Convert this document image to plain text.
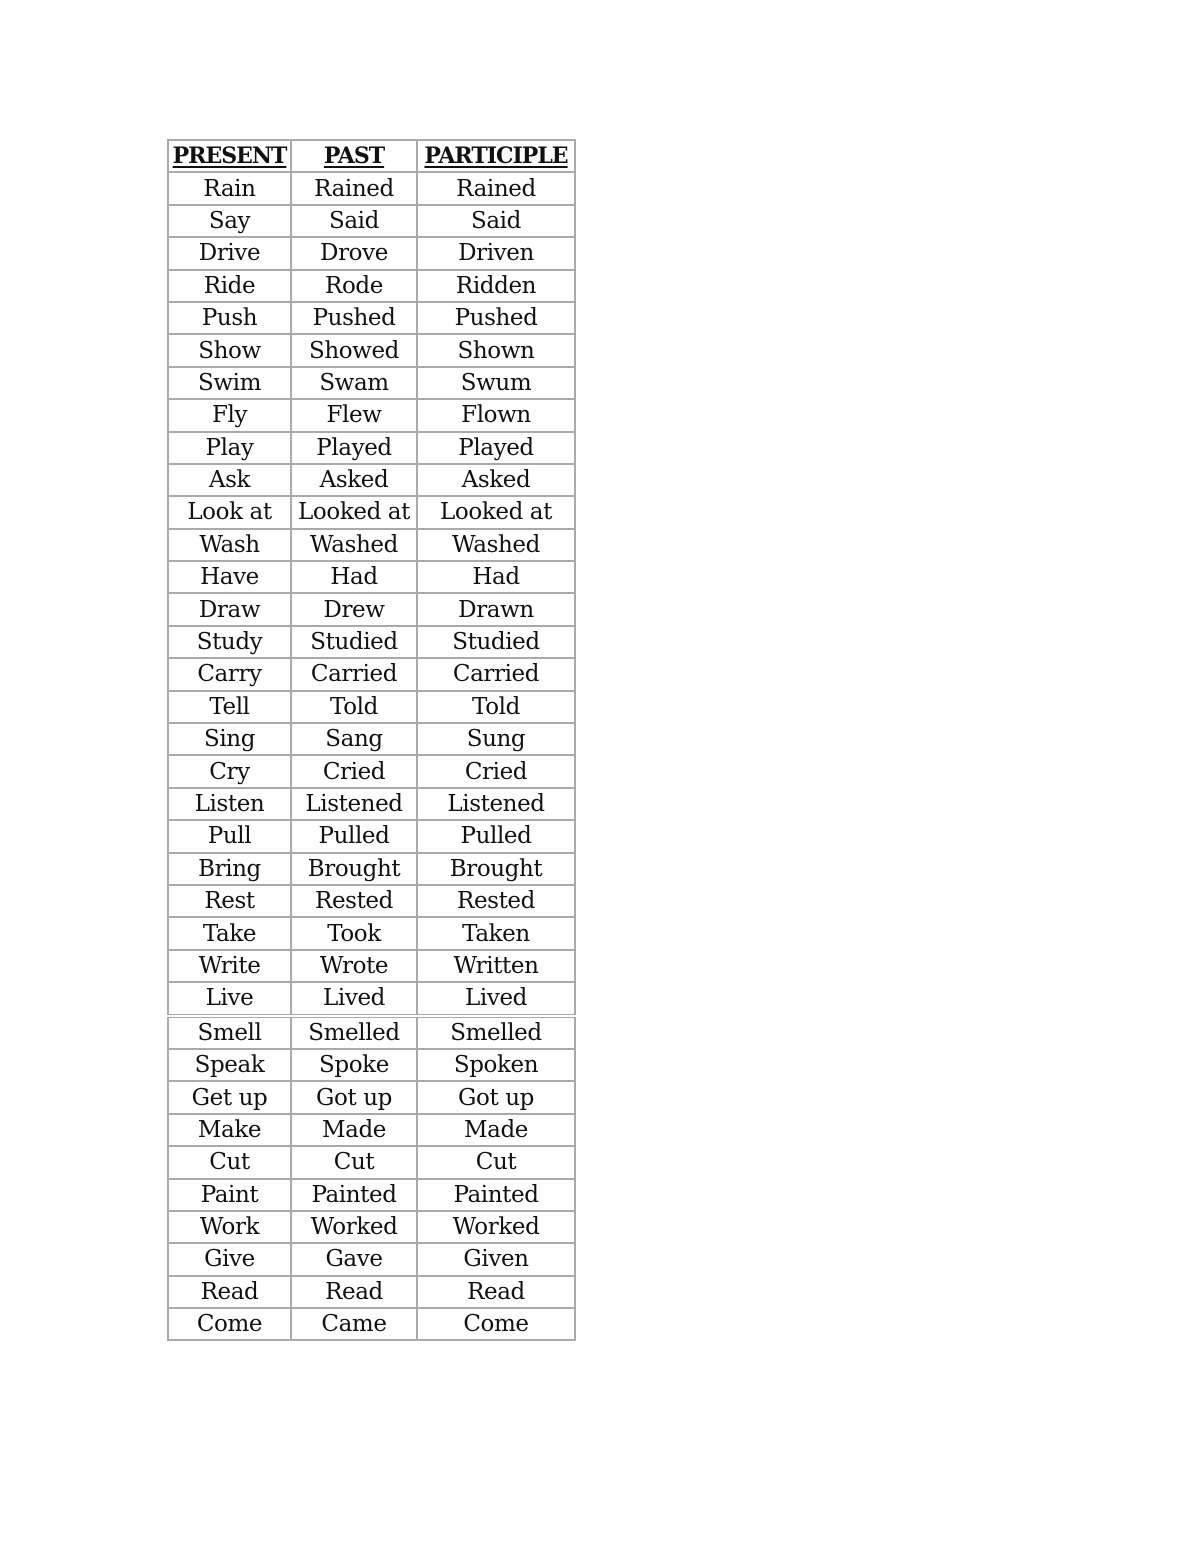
PRESENT	PAST	PARTICIPLE
Rain	Rained	Rained
Say	Said	Said
Drive	Drove	Driven
Ride	Rode	Ridden
Push	Pushed	Pushed
Show	Showed	Shown
Swim	Swam	Swum
Fly	Flew	Flown
Play	Played	Played
Ask	Asked	Asked
Look at	Looked at	Looked at
Wash	Washed	Washed
Have	Had	Had
Draw	Drew	Drawn
Study	Studied	Studied
Carry	Carried	Carried
Tell	Told	Told
Sing	Sang	Sung
Cry	Cried	Cried
Listen	Listened	Listened
Pull	Pulled	Pulled
Bring	Brought	Brought
Rest	Rested	Rested
Take	Took	Taken
Write	Wrote	Written
Live	Lived	Lived
Smell	Smelled	Smelled
Speak	Spoke	Spoken
Get up	Got up	Got up
Make	Made	Made
Cut	Cut	Cut
Paint	Painted	Painted
Work	Worked	Worked
Give	Gave	Given
Read	Read	Read
Come	Came	Come
